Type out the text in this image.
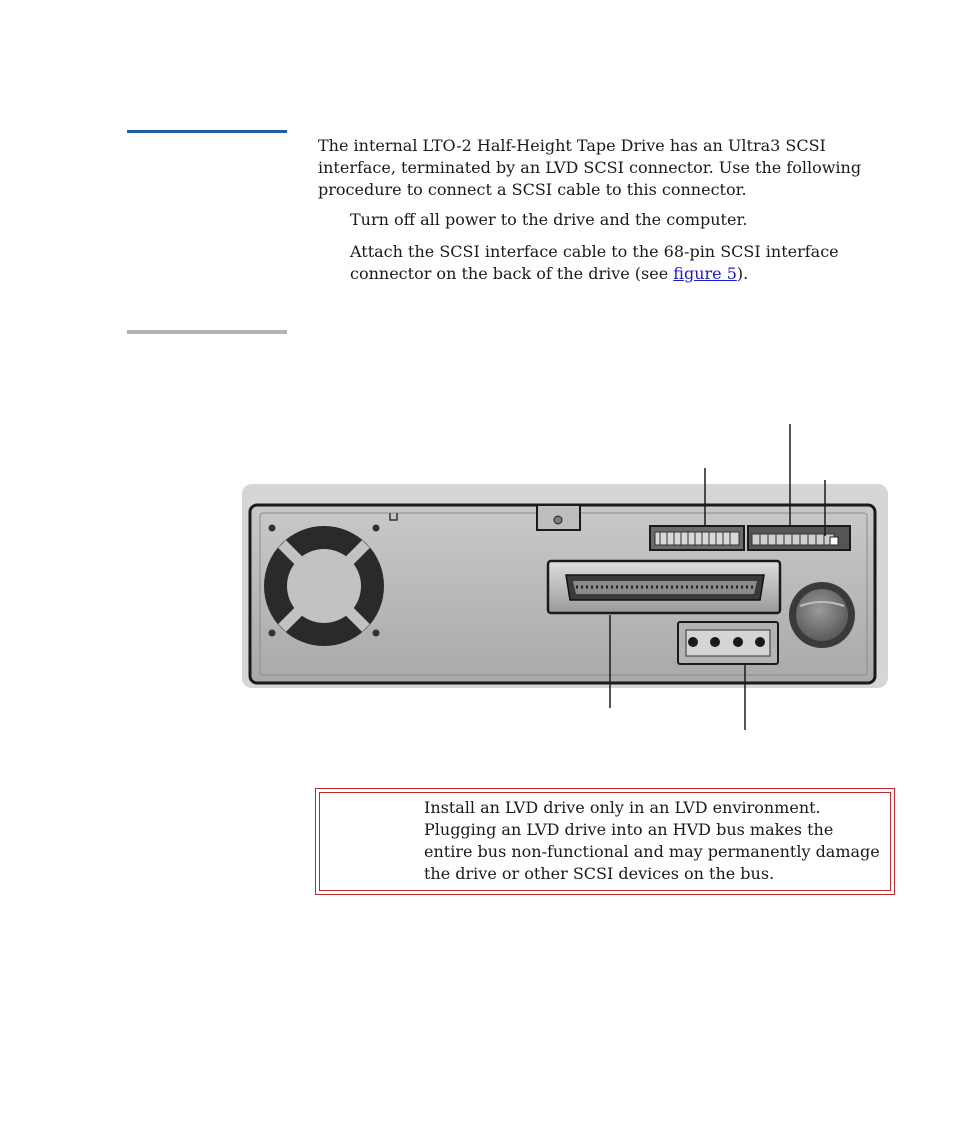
The internal LTO-2 Half-Height Tape Drive has an Ultra3 SCSI interface, terminated by an LVD SCSI connector. Use the following procedure to connect a SCSI cable to this connector.

Turn off all power to the drive and the computer.

Attach the SCSI interface cable to the 68-pin SCSI interface connector on the back of the drive (see figure 5).

Install an LVD drive only in an LVD environment. Plugging an LVD drive into an HVD bus makes the entire bus non-functional and may permanently damage the drive or other SCSI devices on the bus.
